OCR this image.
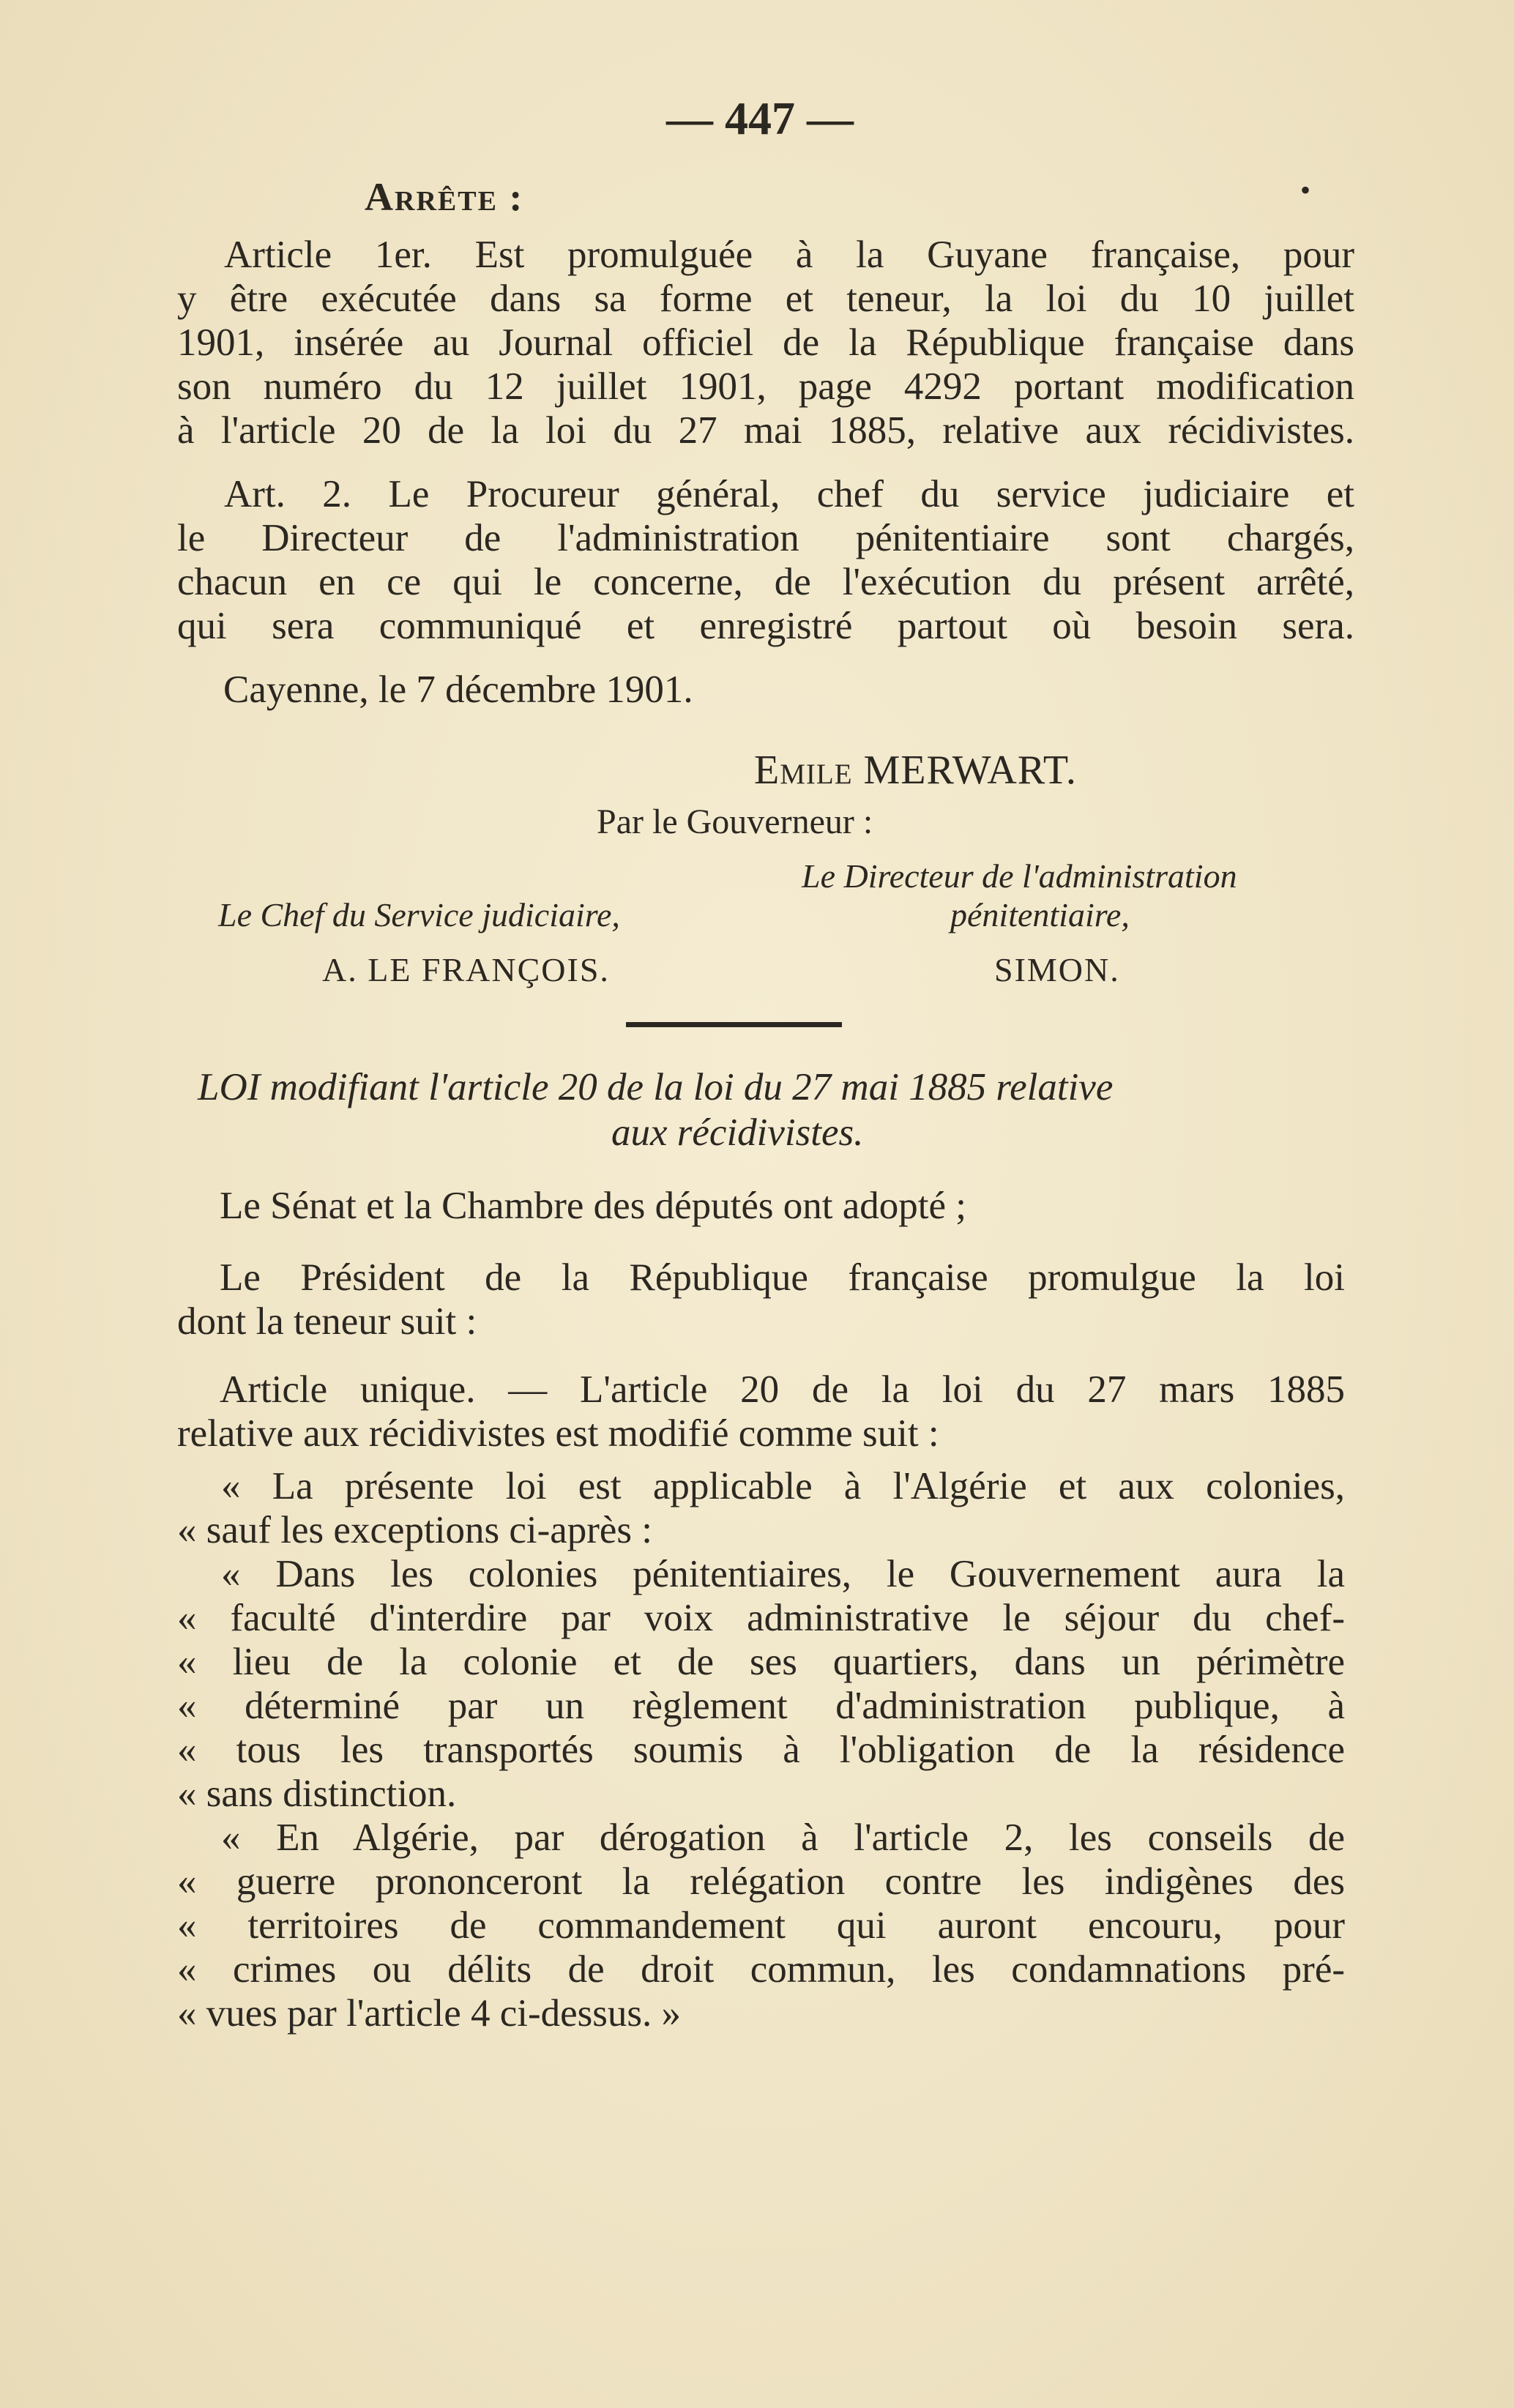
— 447 —
Arrête :	•
Article 1er. Est promulguée à la Guyane française, pour
y être exécutée dans sa forme et teneur, la loi du 10 juillet
1901, insérée au Journal officiel de la République française dans
son numéro du 12 juillet 1901, page 4292 portant modification
à l'article 20 de la loi du 27 mai 1885, relative aux récidivistes.
Art. 2. Le Procureur général, chef du service judiciaire et
le Directeur de l'administration pénitentiaire sont chargés,
chacun en ce qui le concerne, de l'exécution du présent arrêté,
qui sera communiqué et enregistré partout où besoin sera.
Cayenne, le 7 décembre 1901.
Emile MERWART.
Par le Gouverneur :
Le Directeur de l'administration
Le Chef du Service judiciaire,	pénitentiaire,
A. LE FRANÇOIS.	SIMON.
LOI modifiant l'article 20 de la loi du 27 mai 1885 relative
aux récidivistes.
Le Sénat et la Chambre des députés ont adopté ;
Le Président de la République française promulgue la loi
dont la teneur suit :
Article unique. — L'article 20 de la loi du 27 mars 1885
relative aux récidivistes est modifié comme suit :
« La présente loi est applicable à l'Algérie et aux colonies,
« sauf les exceptions ci-après :
« Dans les colonies pénitentiaires, le Gouvernement aura la
« faculté d'interdire par voix administrative le séjour du chef-
« lieu de la colonie et de ses quartiers, dans un périmètre
« déterminé par un règlement d'administration publique, à
« tous les transportés soumis à l'obligation de la résidence
« sans distinction.
« En Algérie, par dérogation à l'article 2, les conseils de
« guerre prononceront la relégation contre les indigènes des
« territoires de commandement qui auront encouru, pour
« crimes ou délits de droit commun, les condamnations pré-
« vues par l'article 4 ci-dessus. »
